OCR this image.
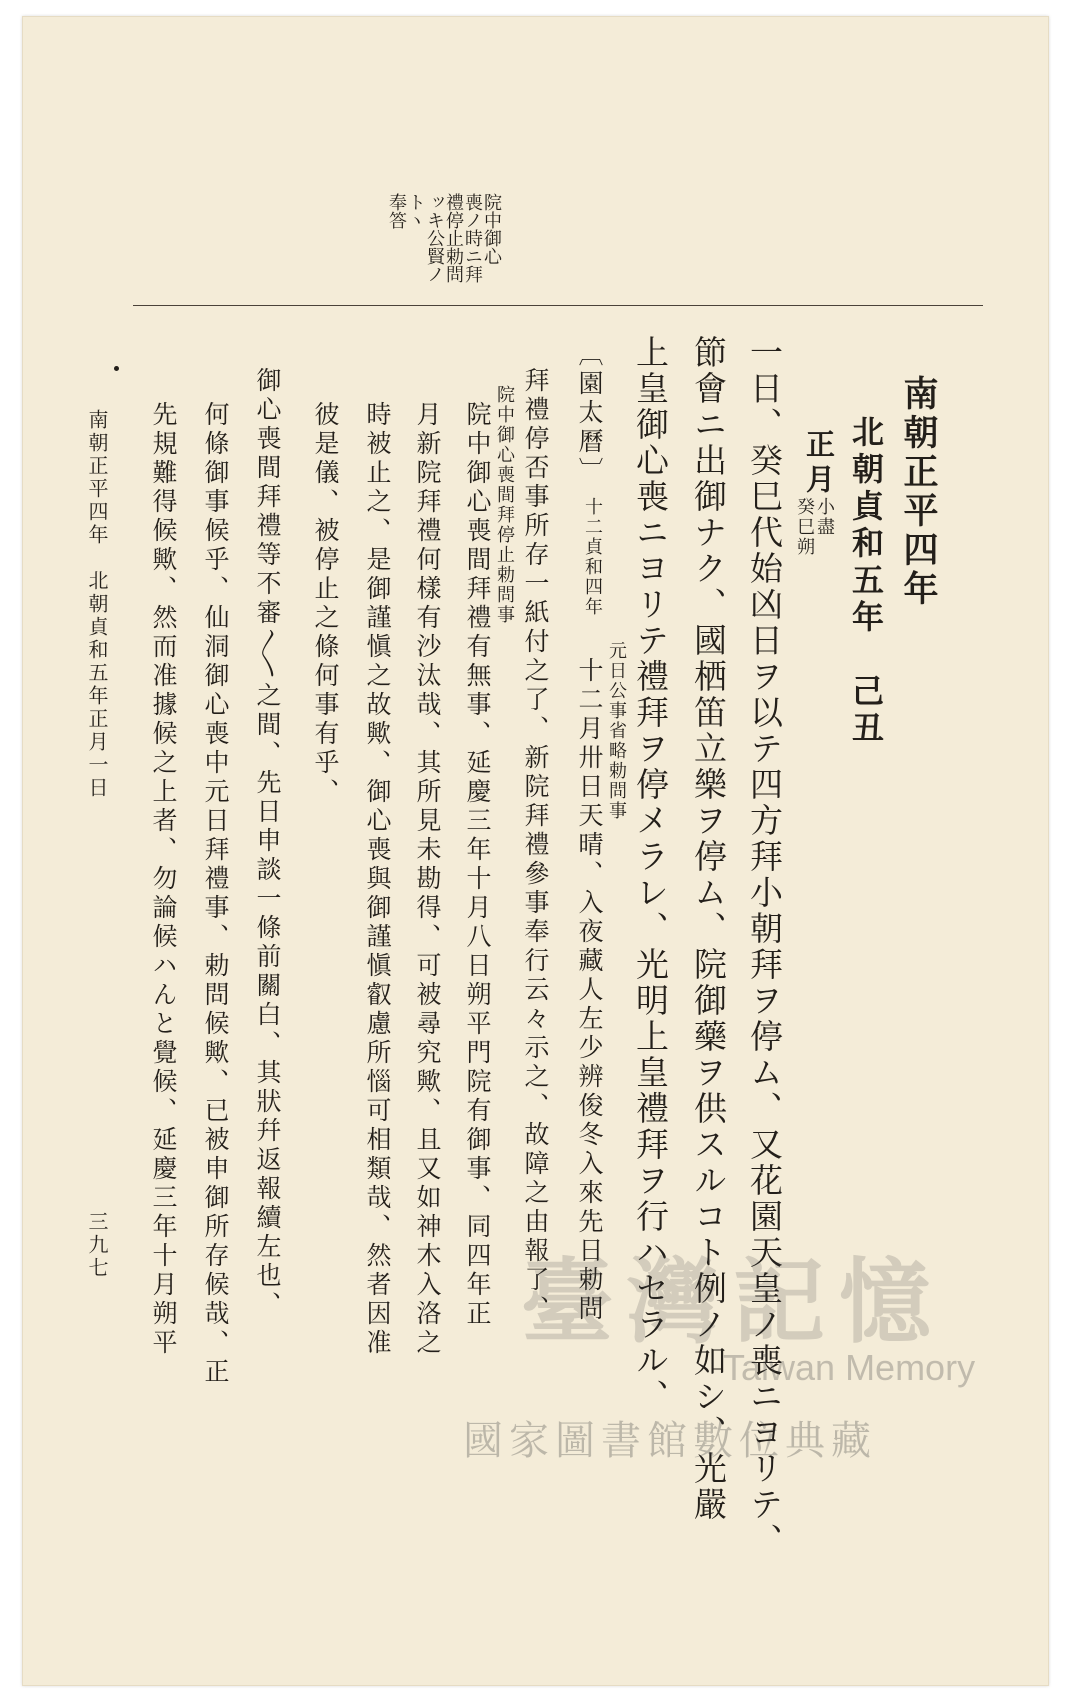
奉答
トヽ
ッキ公賢ノ
禮停止勅問
喪ノ時ニ拜
院中御心
南朝正平四年
北朝貞和五年　己丑
正月
小盡
癸巳朔
一日、癸巳代始凶日ヲ以テ四方拜小朝拜ヲ停ム、又花園天皇ノ喪ニヨリテ、
節會ニ出御ナク、國栖笛立樂ヲ停ム、院御藥ヲ供スルコト例ノ如シ、光嚴
上皇御心喪ニヨリテ禮拜ヲ停メラレ、光明上皇禮拜ヲ行ハセラル、
〔園太曆〕
十二貞和四年
元日公事省略勅問事
十二月卅日天晴、入夜藏人左少辨俊冬入來先日勅問
拜禮停否事所存一紙付之了、新院拜禮參事奉行云々示之、故障之由報了、
院中御心喪間拜停止勅問事
院中御心喪間拜禮有無事、延慶三年十月八日朔平門院有御事、同四年正
月新院拜禮何樣有沙汰哉、其所見未勘得、可被尋究歟、且又如神木入洛之
時被止之、是御謹愼之故歟、御心喪與御謹愼叡慮所惱可相類哉、然者因准
彼是儀、被停止之條何事有乎、
御心喪間拜禮等不審〳〵之間、先日申談一條前關白、其狀幷返報續左也、
何條御事候乎、仙洞御心喪中元日拜禮事、勅問候歟、已被申御所存候哉、正
先規難得候歟、然而准據候之上者、勿論候ハんと覺候、延慶三年十月朔平
南朝正平四年　北朝貞和五年正月一日
三九七
臺灣記憶
Taiwan Memory
國家圖書館數位典藏
